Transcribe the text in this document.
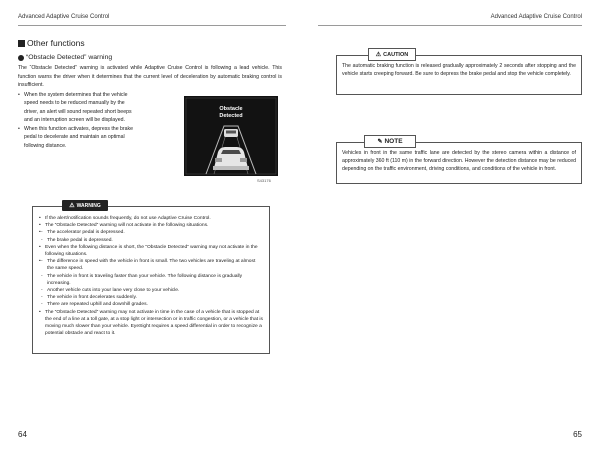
Advanced Adaptive Cruise Control	Advanced Adaptive Cruise Control
Other functions
“Obstacle Detected” warning

The “Obstacle Detected” warning is activated while Adaptive Cruise Control is following a lead vehicle. This function warns the driver when it determines that the current level of deceleration by automatic braking control is insufficient.

• When the system determines that the vehicle speed needs to be reduced manually by the driver, an alert will sound repeated short beeps and an interruption screen will be displayed.
• When this function activates, depress the brake pedal to decelerate and maintain an optimal following distance.
Obstacle
Detected
S43176
• If the alert/notification sounds frequently, do not use Adaptive Cruise Control.
• The “Obstacle Detected” warning will not activate in the following situations.
- • The accelerator pedal is depressed.
- The brake pedal is depressed.
• Even when the following distance is short, the “Obstacle Detected” warning may not activate in the following situations.
- • The difference in speed with the vehicle in front is small. The two vehicles are traveling at almost the same speed.
- The vehicle in front is traveling faster than your vehicle. The following distance is gradually increasing.
- Another vehicle cuts into your lane very close to your vehicle.
- The vehicle in front decelerates suddenly.
- There are repeated uphill and downhill grades.
• The “Obstacle Detected” warning may not activate in time in the case of a vehicle that is stopped at the end of a line at a toll gate, at a stop light or intersection or in traffic congestion, or a vehicle that is moving much slower than your vehicle. EyeSight requires a speed differential in order to recognize a potential obstacle and react to it.
⚠ WARNING

The automatic braking function is released gradually approximately 2 seconds after stopping and the vehicle starts creeping forward. Be sure to depress the brake pedal and stop the vehicle completely.

⚠ CAUTION

Vehicles in front in the same traffic lane are detected by the stereo camera within a distance of approximately 360 ft (110 m) in the forward direction. However the detection distance may be reduced depending on the traffic environment, driving conditions, and conditions of the vehicle in front.

✎ NOTE
64	65
